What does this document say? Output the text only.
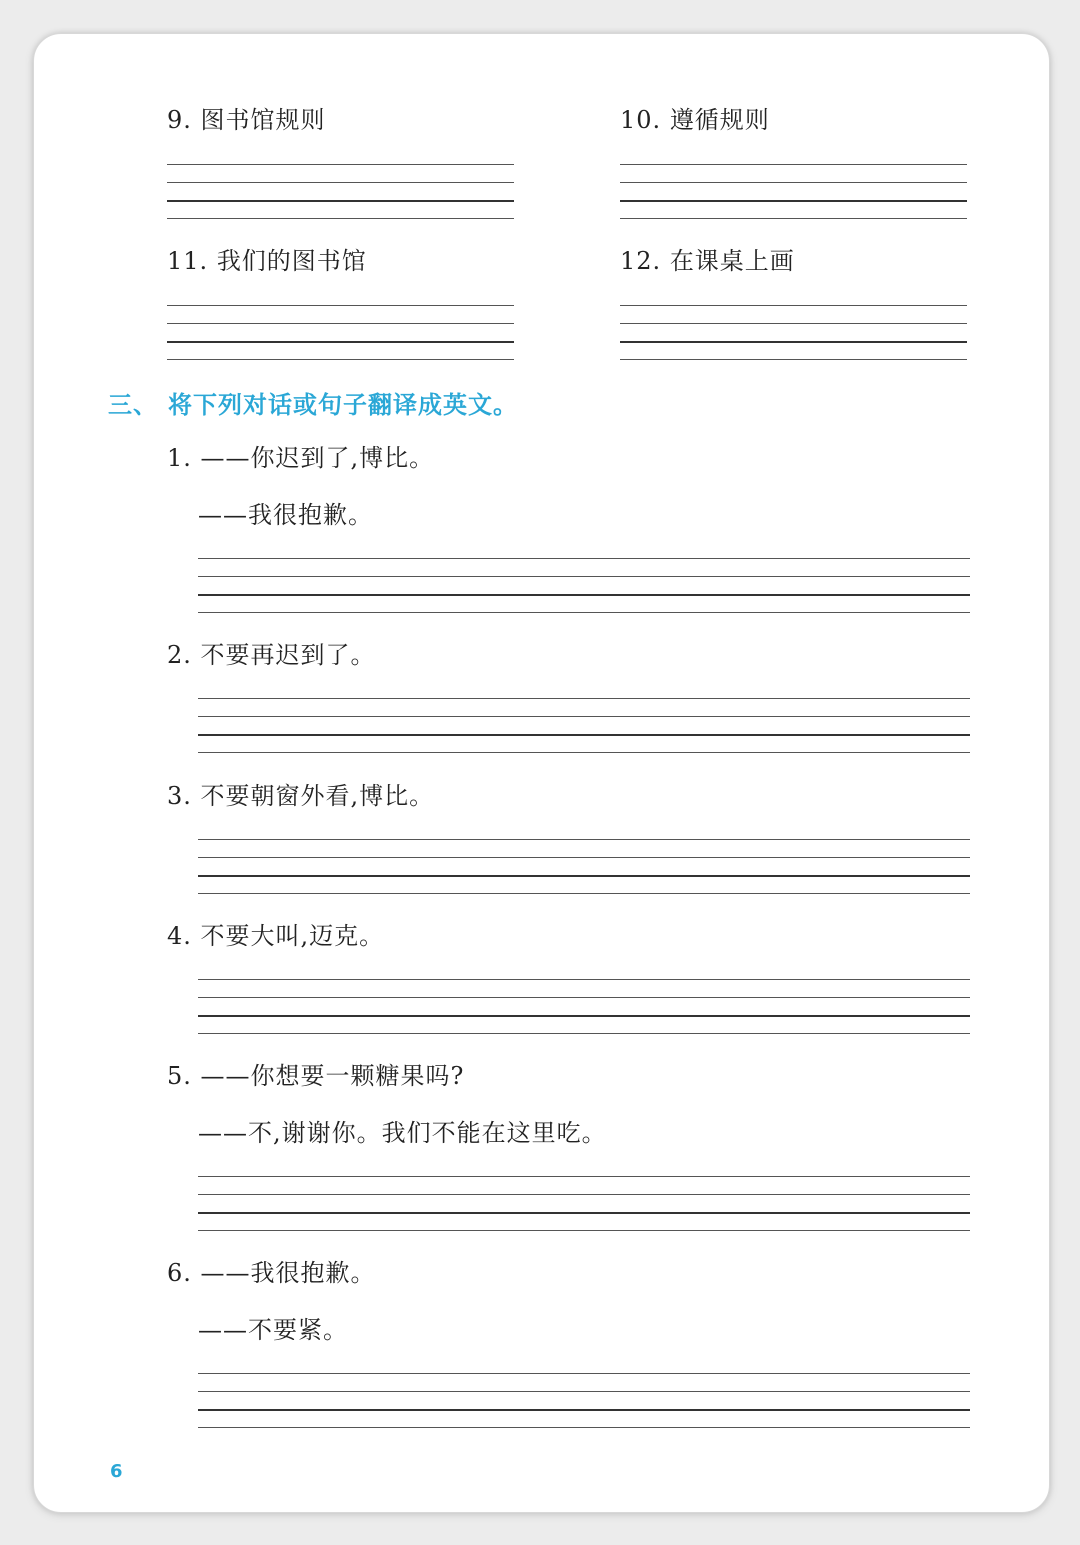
9. 图书馆规则	10. 遵循规则
11. 我们的图书馆	12. 在课桌上画
三、 将下列对话或句子翻译成英文。
1. ——你迟到了,博比。
——我很抱歉。
2. 不要再迟到了。
3. 不要朝窗外看,博比。
4. 不要大叫,迈克。
5. ——你想要一颗糖果吗?
——不,谢谢你。我们不能在这里吃。
6. ——我很抱歉。
——不要紧。
6
